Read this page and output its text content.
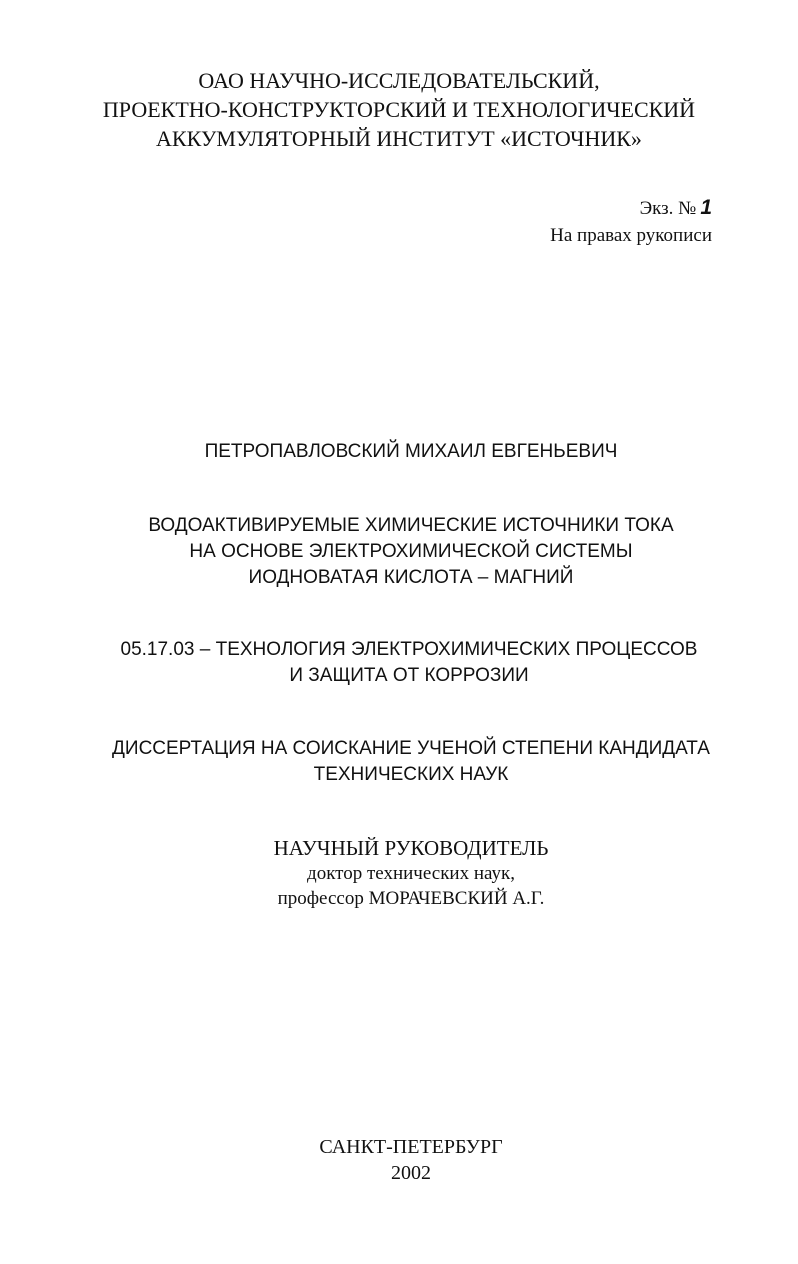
ОАО НАУЧНО-ИССЛЕДОВАТЕЛЬСКИЙ,
ПРОЕКТНО-КОНСТРУКТОРСКИЙ И ТЕХНОЛОГИЧЕСКИЙ
АККУМУЛЯТОРНЫЙ ИНСТИТУТ «ИСТОЧНИК»
Экз. № 1
На правах рукописи
ПЕТРОПАВЛОВСКИЙ МИХАИЛ ЕВГЕНЬЕВИЧ
ВОДОАКТИВИРУЕМЫЕ ХИМИЧЕСКИЕ ИСТОЧНИКИ ТОКА
НА ОСНОВЕ ЭЛЕКТРОХИМИЧЕСКОЙ СИСТЕМЫ
ИОДНОВАТАЯ КИСЛОТА – МАГНИЙ
05.17.03 – ТЕХНОЛОГИЯ ЭЛЕКТРОХИМИЧЕСКИХ ПРОЦЕССОВ
И ЗАЩИТА ОТ КОРРОЗИИ
ДИССЕРТАЦИЯ НА СОИСКАНИЕ УЧЕНОЙ СТЕПЕНИ КАНДИДАТА
ТЕХНИЧЕСКИХ НАУК
НАУЧНЫЙ РУКОВОДИТЕЛЬ
доктор технических наук,
профессор МОРАЧЕВСКИЙ А.Г.
САНКТ-ПЕТЕРБУРГ
2002
